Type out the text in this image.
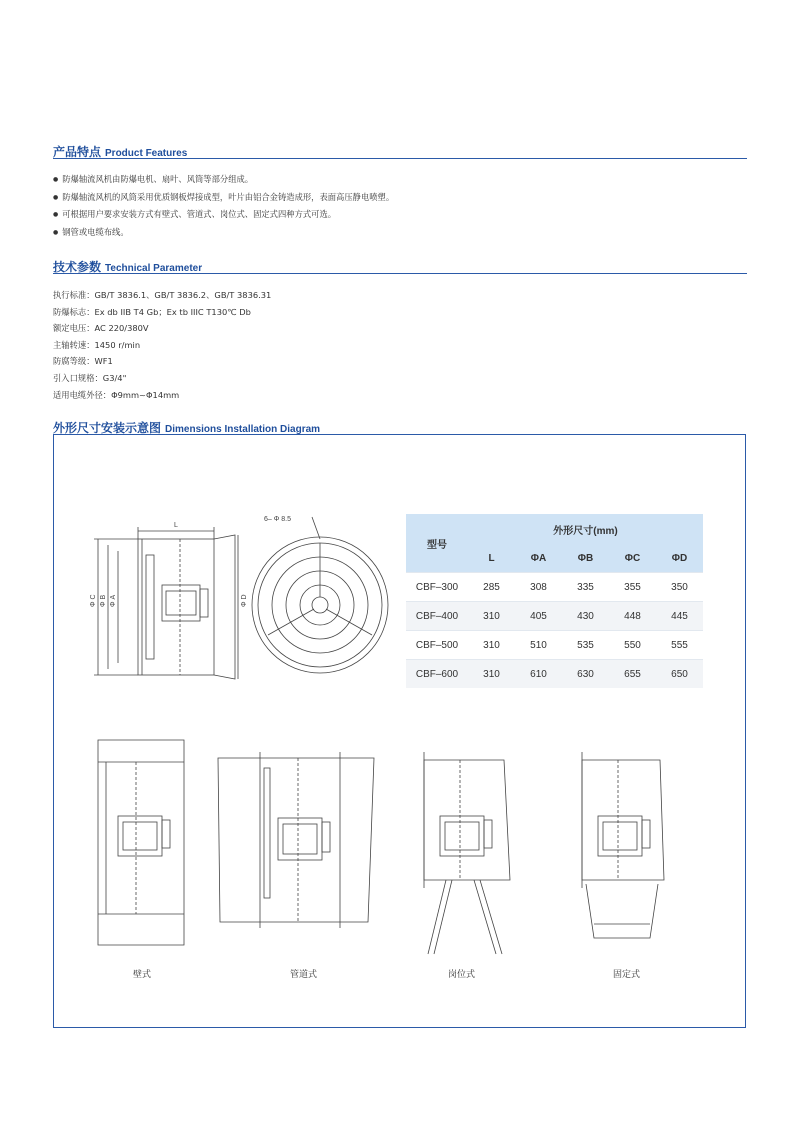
产品特点 Product Features
● 防爆轴流风机由防爆电机、扇叶、风筒等部分组成。
● 防爆轴流风机的风筒采用优质钢板焊接成型，叶片由铝合金铸造成形，表面高压静电喷塑。
● 可根据用户要求安装方式有壁式、管道式、岗位式、固定式四种方式可选。
● 钢管或电缆布线。
技术参数 Technical Parameter
执行标准：GB/T 3836.1、GB/T 3836.2、GB/T 3836.31
防爆标志：Ex db IIB T4 Gb；Ex tb IIIC T130℃ Db
额定电压：AC 220/380V
主轴转速：1450 r/min
防腐等级：WF1
引入口规格：G3/4"
适用电缆外径：Φ9mm~Φ14mm
外形尺寸安装示意图 Dimensions Installation Diagram
L
Φ C Φ B Φ A	Φ D
6– Φ 8.5
型号	外形尺寸(mm)				
	L	ΦA	ΦB	ΦC	ΦD
CBF–300	285	308	335	355	350
CBF–400	310	405	430	448	445
CBF–500	310	510	535	550	555
CBF–600	310	610	630	655	650
壁式	管道式	岗位式	固定式
